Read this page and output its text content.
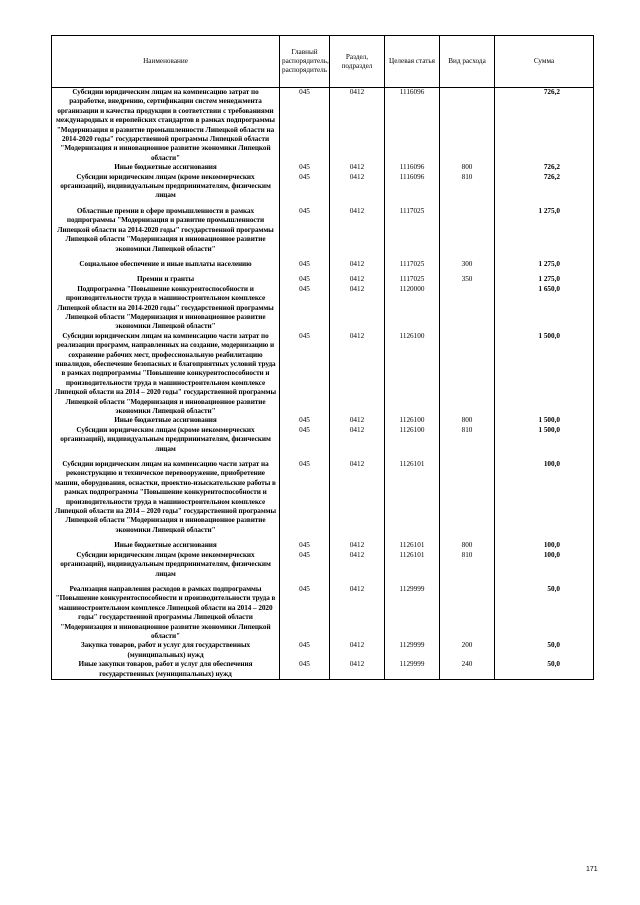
Наименование	Главный распорядитель, распорядитель	Раздел, подраздел	Целевая статья	Вид расхода	Сумма
Субсидии юридическим лицам на компенсацию затрат по разработке, внедрению, сертификации систем менеджмента организации и качества продукции в соответствии с требованиями международных и европейских стандартов в рамках подпрограммы "Модернизация и развитие промышленности Липецкой области на 2014-2020 годы" государственной программы Липецкой области "Модернизация и инновационное развитие экономики Липецкой области"	045	0412	1116096		726,2
Иные бюджетные ассигнования	045	0412	1116096	800	726,2
Субсидии юридическим лицам (кроме некоммерческих организаций), индивидуальным предпринимателям, физическим лицам	045	0412	1116096	810	726,2
Областные премии в сфере промышленности в рамках подпрограммы "Модернизация и развитие промышленности Липецкой области на 2014-2020 годы" государственной программы Липецкой области "Модернизация и инновационное развитие экономики Липецкой области"	045	0412	1117025		1 275,0
Социальное обеспечение и иные выплаты населению	045	0412	1117025	300	1 275,0
Премии и гранты	045	0412	1117025	350	1 275,0
Подпрограмма "Повышение конкурентоспособности и производительности труда в машиностроительном комплексе Липецкой области на 2014-2020 годы" государственной программы Липецкой области "Модернизация и инновационное развитие экономики Липецкой области"	045	0412	1120000		1 650,0
Субсидии юридическим лицам на компенсацию части затрат по реализации программ, направленных на создание, модернизацию и сохранение рабочих мест, профессиональную реабилитацию инвалидов, обеспечение безопасных и благоприятных условий труда в рамках подпрограммы "Повышение конкурентоспособности и производительности труда в машиностроительном комплексе Липецкой области на 2014 – 2020 годы" государственной программы Липецкой области "Модернизация и инновационное развитие экономики Липецкой области"	045	0412	1126100		1 500,0
Иные бюджетные ассигнования	045	0412	1126100	800	1 500,0
Субсидии юридическим лицам (кроме некоммерческих организаций), индивидуальным предпринимателям, физическим лицам	045	0412	1126100	810	1 500,0
Субсидии юридическим лицам на компенсацию части затрат на реконструкцию и техническое перевооружение, приобретение машин, оборудования, оснастки, проектно-изыскательские работы в рамках подпрограммы "Повышение конкурентоспособности и производительности труда в машиностроительном комплексе Липецкой области на 2014 – 2020 годы" государственной программы Липецкой области "Модернизация и инновационное развитие экономики Липецкой области"	045	0412	1126101		100,0
Иные бюджетные ассигнования	045	0412	1126101	800	100,0
Субсидии юридическим лицам (кроме некоммерческих организаций), индивидуальным предпринимателям, физическим лицам	045	0412	1126101	810	100,0
Реализация направления расходов в рамках подпрограммы "Повышение конкурентоспособности и производительности труда в машиностроительном комплексе Липецкой области на 2014 – 2020 годы" государственной программы Липецкой области "Модернизация и инновационное развитие экономики Липецкой области"	045	0412	1129999		50,0
Закупка товаров, работ и услуг для государственных (муниципальных) нужд	045	0412	1129999	200	50,0
Иные закупки товаров, работ и услуг для обеспечения государственных (муниципальных) нужд	045	0412	1129999	240	50,0
171
